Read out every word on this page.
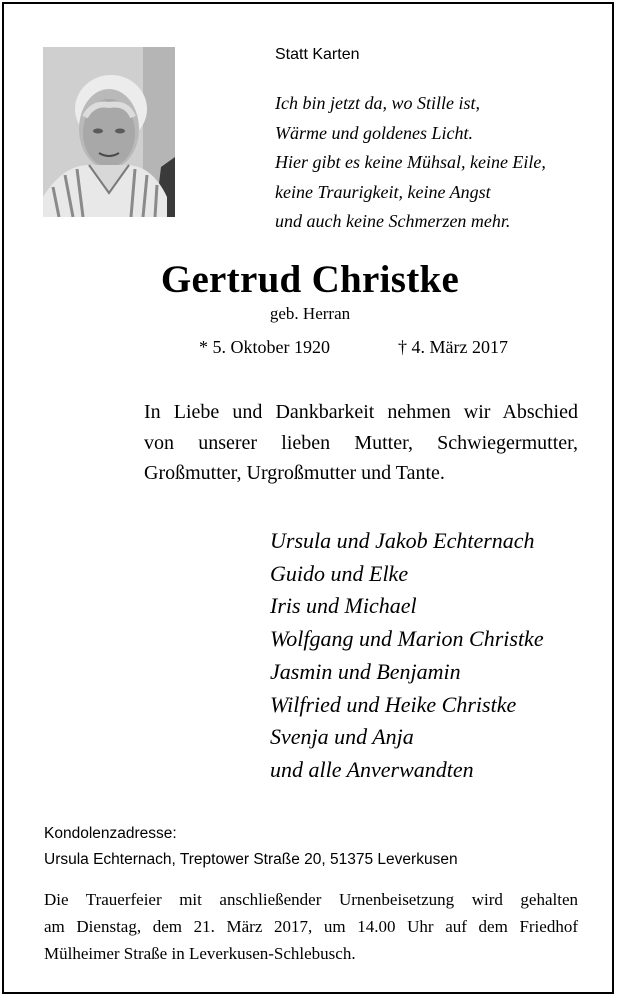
Statt Karten
Ich bin jetzt da, wo Stille ist,
Wärme und goldenes Licht.
Hier gibt es keine Mühsal, keine Eile,
keine Traurigkeit, keine Angst
und auch keine Schmerzen mehr.
Gertrud Christke
geb. Herran
* 5. Oktober 1920	† 4. März 2017
In Liebe und Dankbarkeit nehmen wir Abschied
von unserer lieben Mutter, Schwiegermutter,
Großmutter, Urgroßmutter und Tante.
Ursula und Jakob Echternach
Guido und Elke
Iris und Michael
Wolfgang und Marion Christke
Jasmin und Benjamin
Wilfried und Heike Christke
Svenja und Anja
und alle Anverwandten
Kondolenzadresse:
Ursula Echternach, Treptower Straße 20, 51375 Leverkusen
Die Trauerfeier mit anschließender Urnenbeisetzung wird gehalten
am Dienstag, dem 21. März 2017, um 14.00 Uhr auf dem Friedhof
Mülheimer Straße in Leverkusen-Schlebusch.
